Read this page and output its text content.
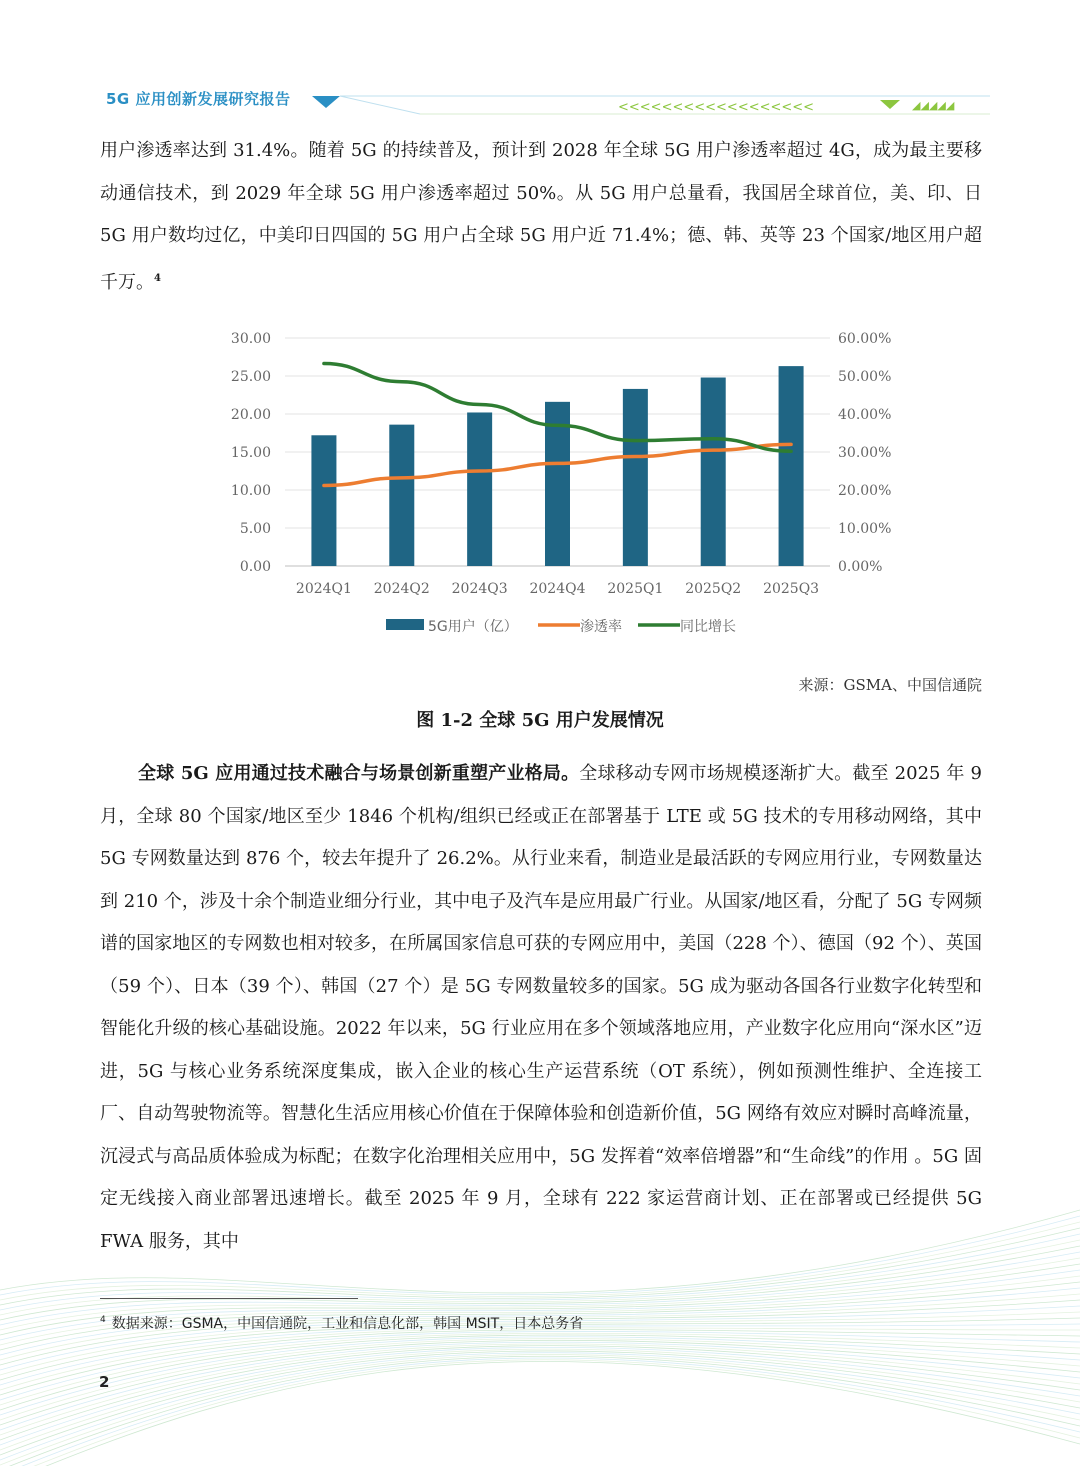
5G 应用创新发展研究报告	<<<<<<<<<<<<<<<<<<	◢◢◢◢◢

用户渗透率达到 31.4%。随着 5G 的持续普及，预计到 2028 年全球 5G 用户渗透率超过 4G，成为最主要移动通信技术，到 2029 年全球 5G 用户渗透率超过 50%。从 5G 用户总量看，我国居全球首位，美、印、日 5G 用户数均过亿，中美印日四国的 5G 用户占全球 5G 用户近 71.4%；德、韩、英等 23 个国家/地区用户超千万。$^4$

0.00
5.00
10.00
15.00
20.00
25.00
30.00
0.00%
10.00%
20.00%
30.00%
40.00%
50.00%
60.00%
2024Q1 2024Q2 2024Q3 2024Q4 2025Q1 2025Q2 2025Q3
5G用户（亿）	渗透率	同比增长
来源：GSMA、中国信通院
图 1-2 全球 5G 用户发展情况

全球 5G 应用通过技术融合与场景创新重塑产业格局。全球移动专网市场规模逐渐扩大。截至 2025 年 9 月，全球 80 个国家/地区至少 1846 个机构/组织已经或正在部署基于 LTE 或 5G 技术的专用移动网络，其中 5G 专网数量达到 876 个，较去年提升了 26.2%。从行业来看，制造业是最活跃的专网应用行业，专网数量达到 210 个，涉及十余个制造业细分行业，其中电子及汽车是应用最广行业。从国家/地区看，分配了 5G 专网频谱的国家地区的专网数也相对较多，在所属国家信息可获的专网应用中，美国（228 个）、德国（92 个）、英国（59 个）、日本（39 个）、韩国（27 个）是 5G 专网数量较多的国家。5G 成为驱动各国各行业数字化转型和智能化升级的核心基础设施。2022 年以来，5G 行业应用在多个领域落地应用，产业数字化应用向“深水区”迈进，5G 与核心业务系统深度集成，嵌入企业的核心生产运营系统（OT 系统），例如预测性维护、全连接工厂、自动驾驶物流等。智慧化生活应用核心价值在于保障体验和创造新价值，5G 网络有效应对瞬时高峰流量，沉浸式与高品质体验成为标配；在数字化治理相关应用中，5G 发挥着“效率倍增器”和“生命线”的作用 。5G 固定无线接入商业部署迅速增长。截至 2025 年 9 月，全球有 222 家运营商计划、正在部署或已经提供 5G FWA 服务，其中

$^4$ 数据来源：GSMA，中国信通院，工业和信息化部，韩国 MSIT，日本总务省
2
